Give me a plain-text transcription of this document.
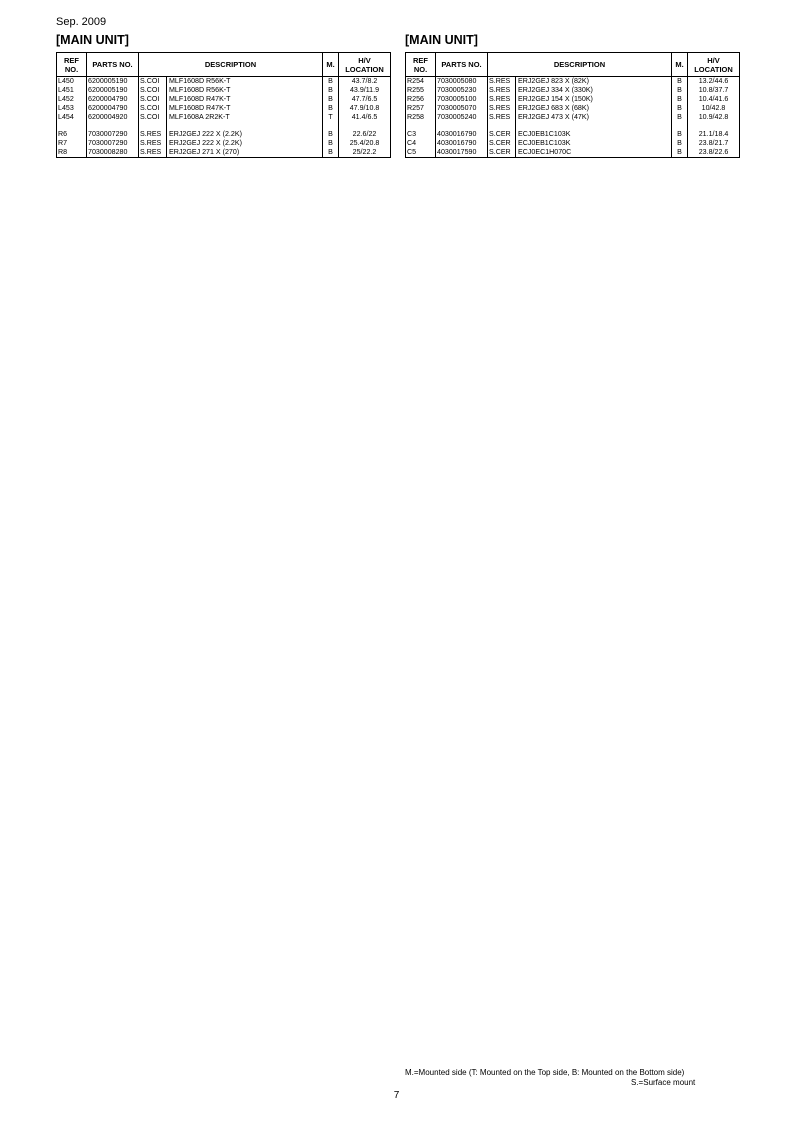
Sep. 2009
[MAIN UNIT]	[MAIN UNIT]
REF NO.	PARTS NO.	DESCRIPTION		M.	H/V LOCATION
L450	6200005190	S.COI	MLF1608D R56K-T	B	43.7/8.2
L451	6200005190	S.COI	MLF1608D R56K-T	B	43.9/11.9
L452	6200004790	S.COI	MLF1608D R47K-T	B	47.7/6.5
L453	6200004790	S.COI	MLF1608D R47K-T	B	47.9/10.8
L454	6200004920	S.COI	MLF1608A 2R2K-T	T	41.4/6.5

R6	7030007290	S.RES	ERJ2GEJ 222 X (2.2K)	B	22.6/22
R7	7030007290	S.RES	ERJ2GEJ 222 X (2.2K)	B	25.4/20.8
R8	7030008280	S.RES	ERJ2GEJ 271 X (270)	B	25/22.2
REF NO.	PARTS NO.	DESCRIPTION		M.	H/V LOCATION
R254	7030005080	S.RES	ERJ2GEJ 823 X (82K)	B	13.2/44.6
R255	7030005230	S.RES	ERJ2GEJ 334 X (330K)	B	10.8/37.7
R256	7030005100	S.RES	ERJ2GEJ 154 X (150K)	B	10.4/41.6
R257	7030005070	S.RES	ERJ2GEJ 683 X (68K)	B	10/42.8
R258	7030005240	S.RES	ERJ2GEJ 473 X (47K)	B	10.9/42.8

C3	4030016790	S.CER	ECJ0EB1C103K	B	21.1/18.4
C4	4030016790	S.CER	ECJ0EB1C103K	B	23.8/21.7
C5	4030017590	S.CER	ECJ0EC1H070C	B	23.8/22.6
M.=Mounted side (T: Mounted on the Top side, B: Mounted on the Bottom side)
S.=Surface mount
7
